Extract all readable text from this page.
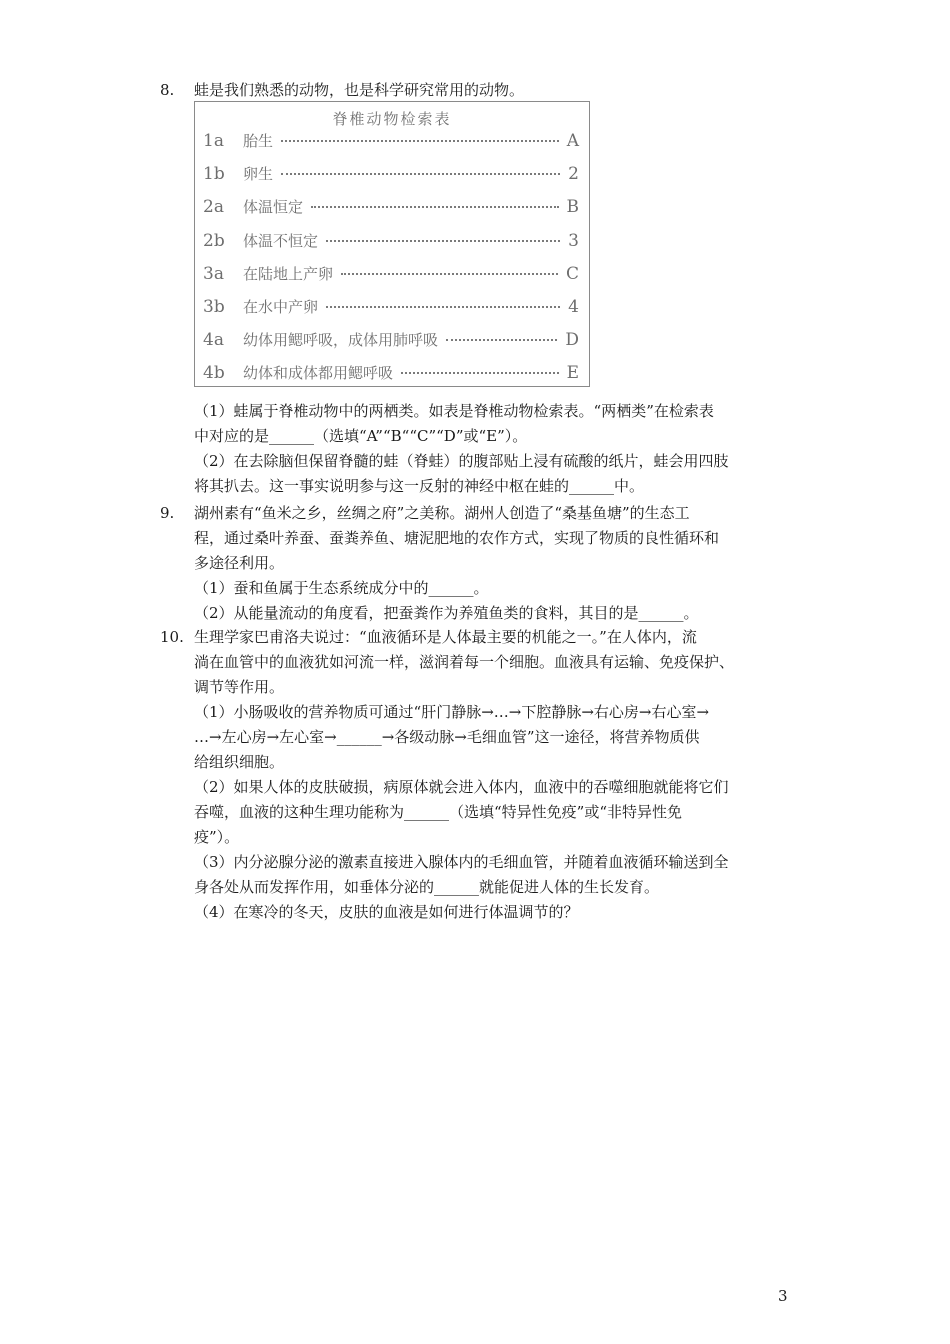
8.	蛙是我们熟悉的动物，也是科学研究常用的动物。
脊椎动物检索表
1a	胎生	A
1b	卵生	2
2a	体温恒定	B
2b	体温不恒定	3
3a	在陆地上产卵	C
3b	在水中产卵	4
4a	幼体用鳃呼吸，成体用肺呼吸	D
4b	幼体和成体都用鳃呼吸	E
（1）蛙属于脊椎动物中的两栖类。如表是脊椎动物检索表。“两栖类”在检索表
中对应的是______（选填“A”“B““C”“D”或“E”）。
（2）在去除脑但保留脊髓的蛙（脊蛙）的腹部贴上浸有硫酸的纸片，蛙会用四肢
将其扒去。这一事实说明参与这一反射的神经中枢在蛙的______中。
9.	湖州素有“鱼米之乡，丝绸之府”之美称。湖州人创造了“桑基鱼塘”的生态工
程，通过桑叶养蚕、蚕粪养鱼、塘泥肥地的农作方式，实现了物质的良性循环和
多途径利用。
（1）蚕和鱼属于生态系统成分中的______。
（2）从能量流动的角度看，把蚕粪作为养殖鱼类的食料，其目的是______。
10. 生理学家巴甫洛夫说过：“血液循环是人体最主要的机能之一。”在人体内，流
淌在血管中的血液犹如河流一样，滋润着每一个细胞。血液具有运输、免疫保护、
调节等作用。
（1）小肠吸收的营养物质可通过“肝门静脉→…→下腔静脉→右心房→右心室→
…→左心房→左心室→______→各级动脉→毛细血管”这一途径，将营养物质供
给组织细胞。
（2）如果人体的皮肤破损，病原体就会进入体内，血液中的吞噬细胞就能将它们
吞噬，血液的这种生理功能称为______（选填“特异性免疫”或“非特异性免
疫”）。
（3）内分泌腺分泌的激素直接进入腺体内的毛细血管，并随着血液循环输送到全
身各处从而发挥作用，如垂体分泌的______就能促进人体的生长发育。
（4）在寒冷的冬天，皮肤的血液是如何进行体温调节的？
3
